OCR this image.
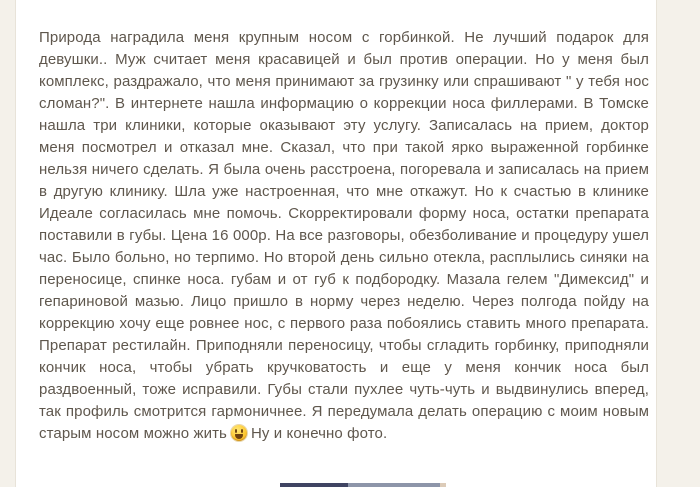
Природа наградила меня крупным носом с горбинкой. Не лучший подарок для девушки.. Муж считает меня красавицей и был против операции. Но у меня был комплекс, раздражало, что меня принимают за грузинку или спрашивают " у тебя нос сломан?". В интернете нашла информацию о коррекции носа филлерами. В Томске нашла три клиники, которые оказывают эту услугу. Записалась на прием, доктор меня посмотрел и отказал мне. Сказал, что при такой ярко выраженной горбинке нельзя ничего сделать. Я была очень расстроена, погоревала и записалась на прием в другую клинику. Шла уже настроенная, что мне откажут. Но к счастью в клинике Идеале согласилась мне помочь. Скорректировали форму носа, остатки препарата поставили в губы. Цена 16 000р. На все разговоры, обезболивание и процедуру ушел час. Было больно, но терпимо. Но второй день сильно отекла, расплылись синяки на переносице, спинке носа. губам и от губ к подбородку. Мазала гелем "Димексид" и гепариновой мазью. Лицо пришло в норму через неделю. Через полгода пойду на коррекцию хочу еще ровнее нос, с первого раза побоялись ставить много препарата. Препарат рестилайн. Приподняли переносицу, чтобы сгладить горбинку, приподняли кончик носа, чтобы убрать кручковатость и еще у меня кончик носа был раздвоенный, тоже исправили. Губы стали пухлее чуть-чуть и выдвинулись вперед, так профиль смотрится гармоничнее. Я передумала делать операцию с моим новым старым носом можно жить Ну и конечно фото.
